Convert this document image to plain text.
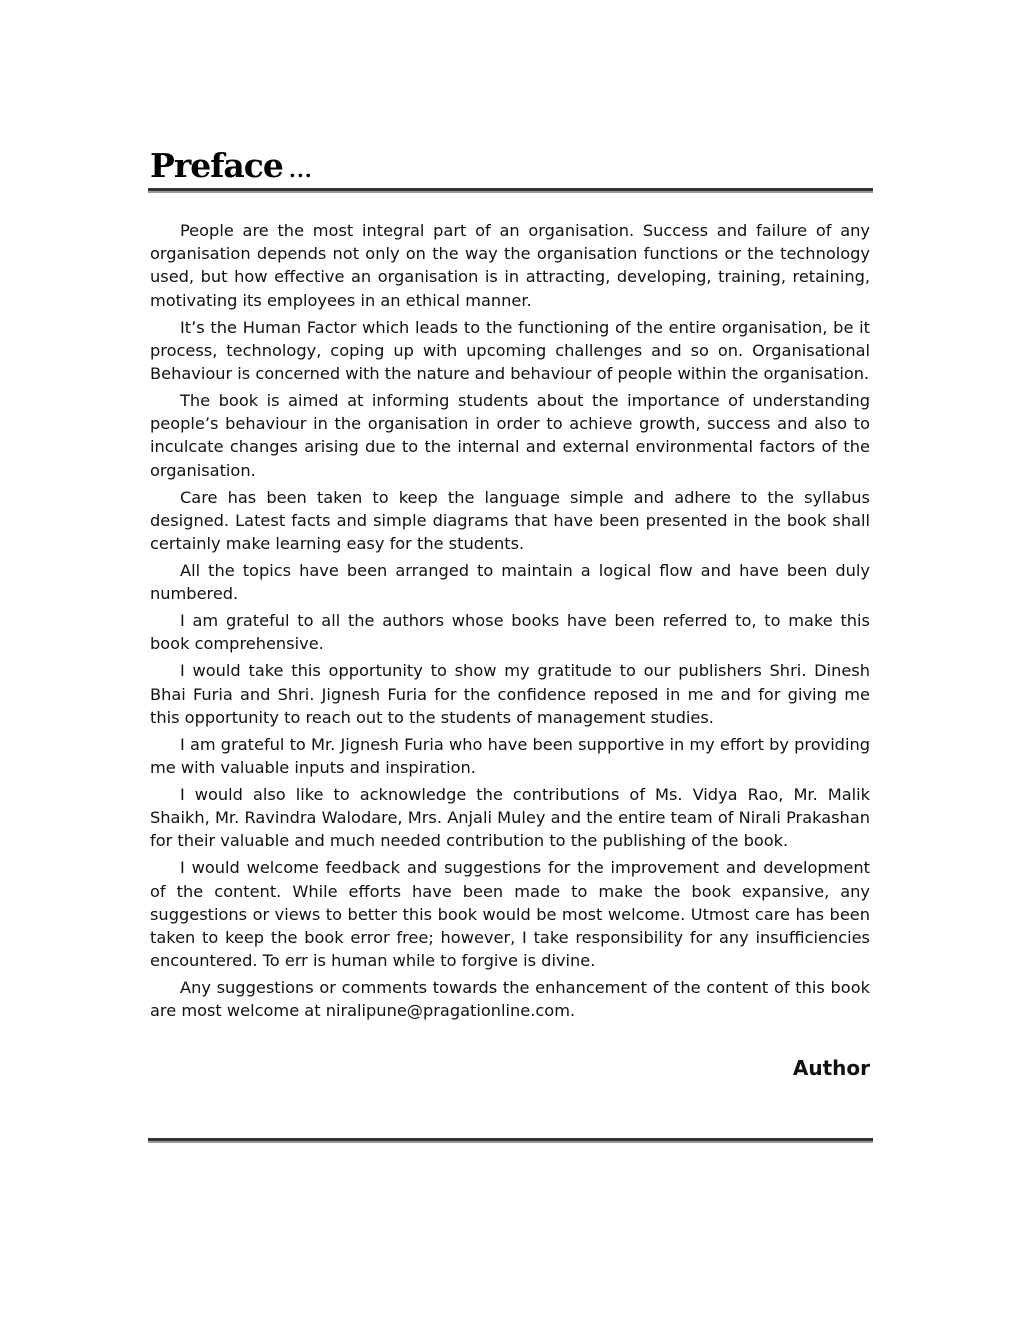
Preface ...

People are the most integral part of an organisation. Success and failure of any organisation depends not only on the way the organisation functions or the technology used, but how effective an organisation is in attracting, developing, training, retaining, motivating its employees in an ethical manner.

It’s the Human Factor which leads to the functioning of the entire organisation, be it process, technology, coping up with upcoming challenges and so on. Organisational Behaviour is concerned with the nature and behaviour of people within the organisation.

The book is aimed at informing students about the importance of understanding people’s behaviour in the organisation in order to achieve growth, success and also to inculcate changes arising due to the internal and external environmental factors of the organisation.

Care has been taken to keep the language simple and adhere to the syllabus designed. Latest facts and simple diagrams that have been presented in the book shall certainly make learning easy for the students.

All the topics have been arranged to maintain a logical flow and have been duly numbered.

I am grateful to all the authors whose books have been referred to, to make this book comprehensive.

I would take this opportunity to show my gratitude to our publishers Shri. Dinesh Bhai Furia and Shri. Jignesh Furia for the confidence reposed in me and for giving me this opportunity to reach out to the students of management studies.

I am grateful to Mr. Jignesh Furia who have been supportive in my effort by providing me with valuable inputs and inspiration.

I would also like to acknowledge the contributions of Ms. Vidya Rao, Mr. Malik Shaikh, Mr. Ravindra Walodare, Mrs. Anjali Muley and the entire team of Nirali Prakashan for their valuable and much needed contribution to the publishing of the book.

I would welcome feedback and suggestions for the improvement and development of the content. While efforts have been made to make the book expansive, any suggestions or views to better this book would be most welcome. Utmost care has been taken to keep the book error free; however, I take responsibility for any insufficiencies encountered. To err is human while to forgive is divine.

Any suggestions or comments towards the enhancement of the content of this book are most welcome at niralipune@pragationline.com.

Author
